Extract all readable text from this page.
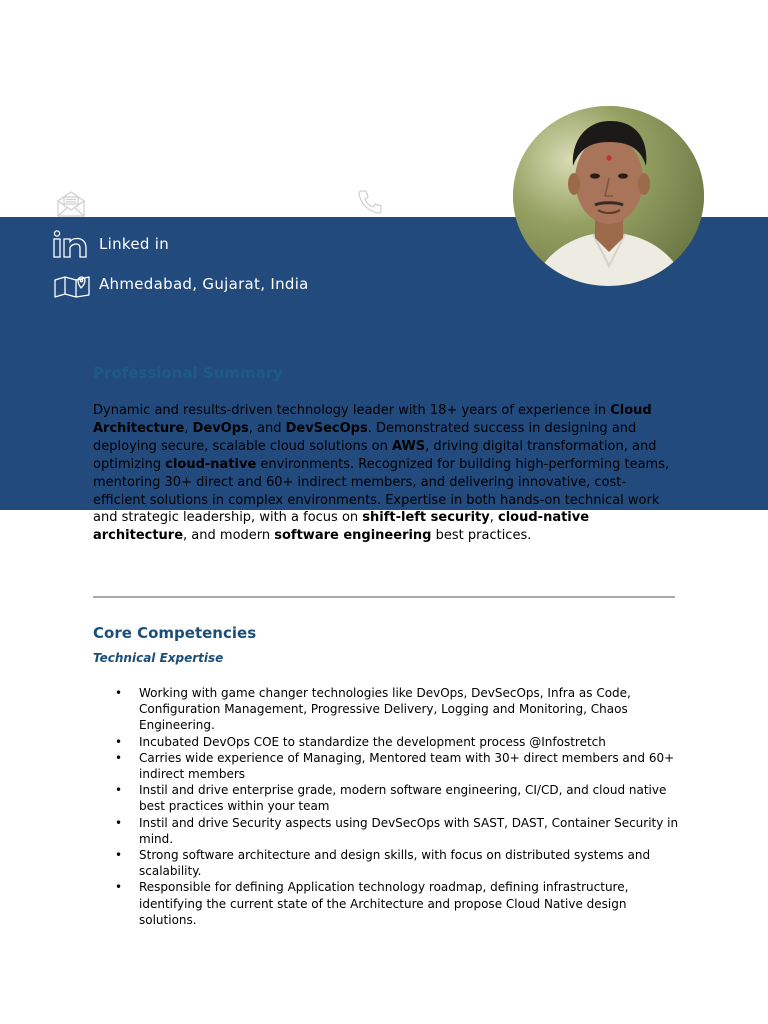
Linked in
Ahmedabad, Gujarat, India
Professional Summary

Dynamic and results-driven technology leader with 18+ years of experience in Cloud Architecture, DevOps, and DevSecOps. Demonstrated success in designing and deploying secure, scalable cloud solutions on AWS, driving digital transformation, and optimizing cloud-native environments. Recognized for building high-performing teams, mentoring 30+ direct and 60+ indirect members, and delivering innovative, cost-efficient solutions in complex environments. Expertise in both hands-on technical work and strategic leadership, with a focus on shift-left security, cloud-native architecture, and modern software engineering best practices.

Core Competencies
Technical Expertise
• Working with game changer technologies like DevOps, DevSecOps, Infra as Code, Configuration Management, Progressive Delivery, Logging and Monitoring, Chaos Engineering.
• Incubated DevOps COE to standardize the development process @Infostretch
• Carries wide experience of Managing, Mentored team with 30+ direct members and 60+ indirect members
• Instil and drive enterprise grade, modern software engineering, CI/CD, and cloud native best practices within your team
• Instil and drive Security aspects using DevSecOps with SAST, DAST, Container Security in mind.
• Strong software architecture and design skills, with focus on distributed systems and scalability.
• Responsible for defining Application technology roadmap, defining infrastructure, identifying the current state of the Architecture and propose Cloud Native design solutions.
